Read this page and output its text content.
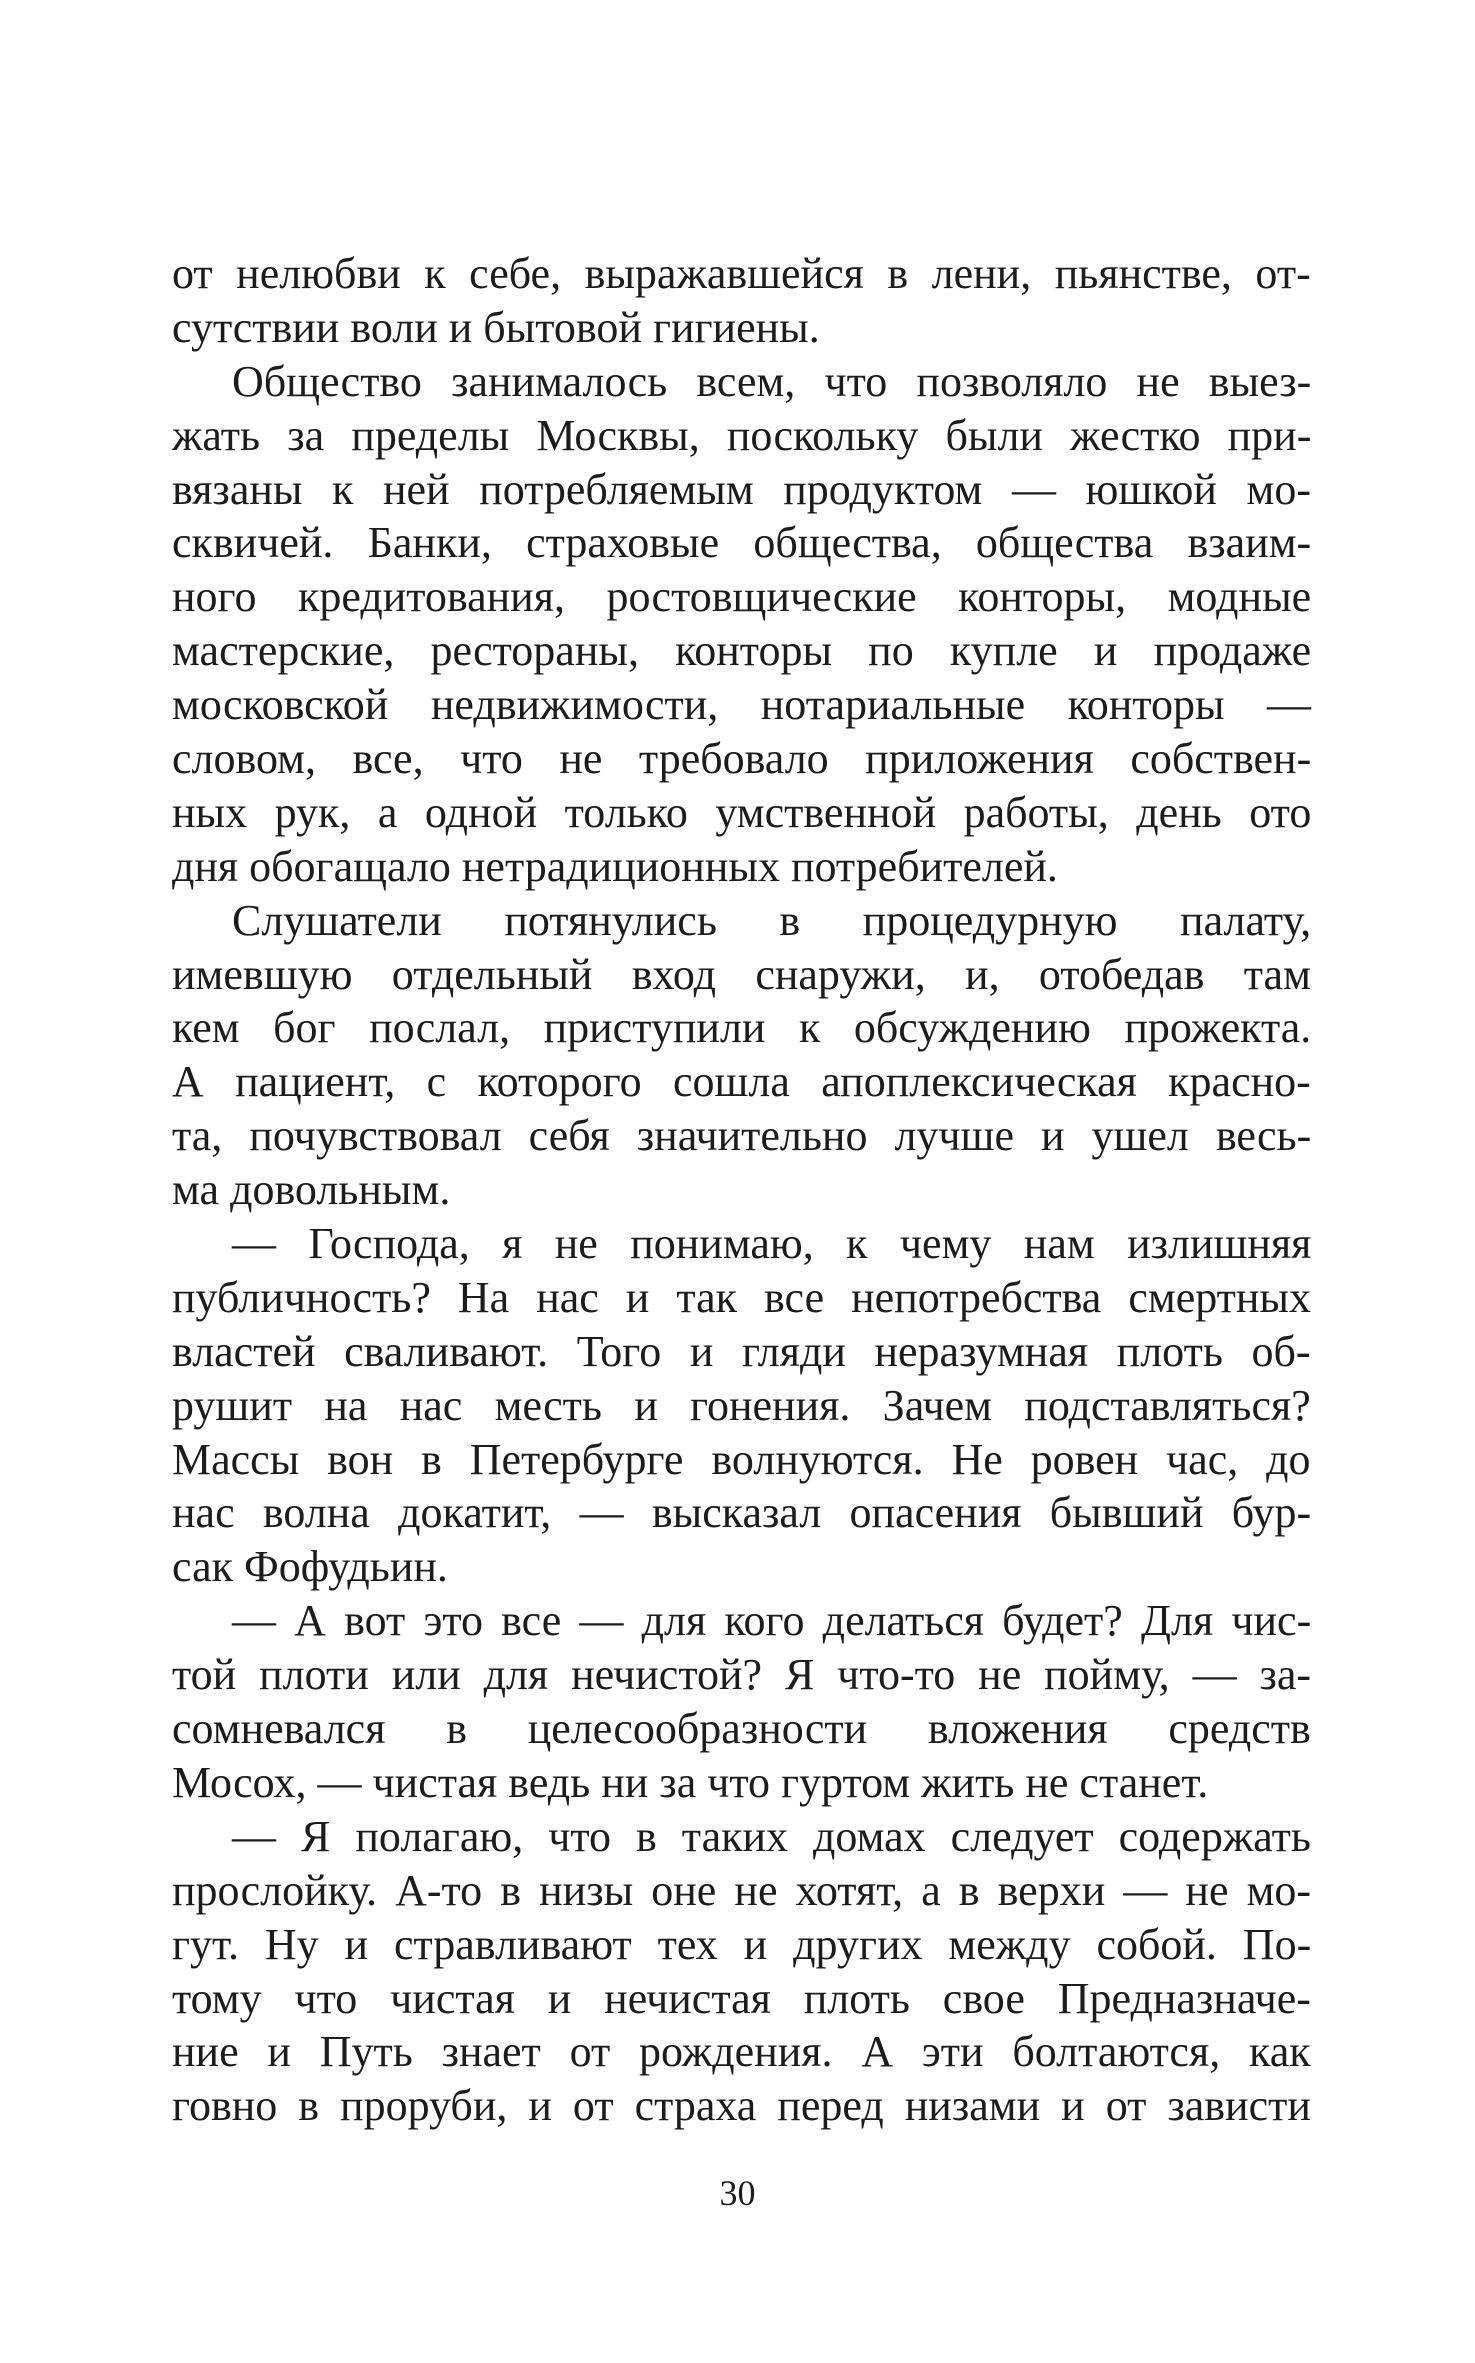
от нелюбви к себе, выражавшейся в лени, пьянстве, от-
сутствии воли и бытовой гигиены.
Общество занималось всем, что позволяло не выез-
жать за пределы Москвы, поскольку были жестко при-
вязаны к ней потребляемым продуктом — юшкой мо-
сквичей. Банки, страховые общества, общества взаим-
ного кредитования, ростовщические конторы, модные
мастерские, рестораны, конторы по купле и продаже
московской недвижимости, нотариальные конторы —
словом, все, что не требовало приложения собствен-
ных рук, а одной только умственной работы, день ото
дня обогащало нетрадиционных потребителей.
Слушатели потянулись в процедурную палату,
имевшую отдельный вход снаружи, и, отобедав там
кем бог послал, приступили к обсуждению прожекта.
А пациент, с которого сошла апоплексическая красно-
та, почувствовал себя значительно лучше и ушел весь-
ма довольным.
— Господа, я не понимаю, к чему нам излишняя
публичность? На нас и так все непотребства смертных
властей сваливают. Того и гляди неразумная плоть об-
рушит на нас месть и гонения. Зачем подставляться?
Массы вон в Петербурге волнуются. Не ровен час, до
нас волна докатит, — высказал опасения бывший бур-
сак Фофудьин.
— А вот это все — для кого делаться будет? Для чис-
той плоти или для нечистой? Я что-то не пойму, — за-
сомневался в целесообразности вложения средств
Мосох, — чистая ведь ни за что гуртом жить не станет.
— Я полагаю, что в таких домах следует содержать
прослойку. А-то в низы оне не хотят, а в верхи — не мо-
гут. Ну и стравливают тех и других между собой. По-
тому что чистая и нечистая плоть свое Предназначе-
ние и Путь знает от рождения. А эти болтаются, как
говно в проруби, и от страха перед низами и от зависти
30
